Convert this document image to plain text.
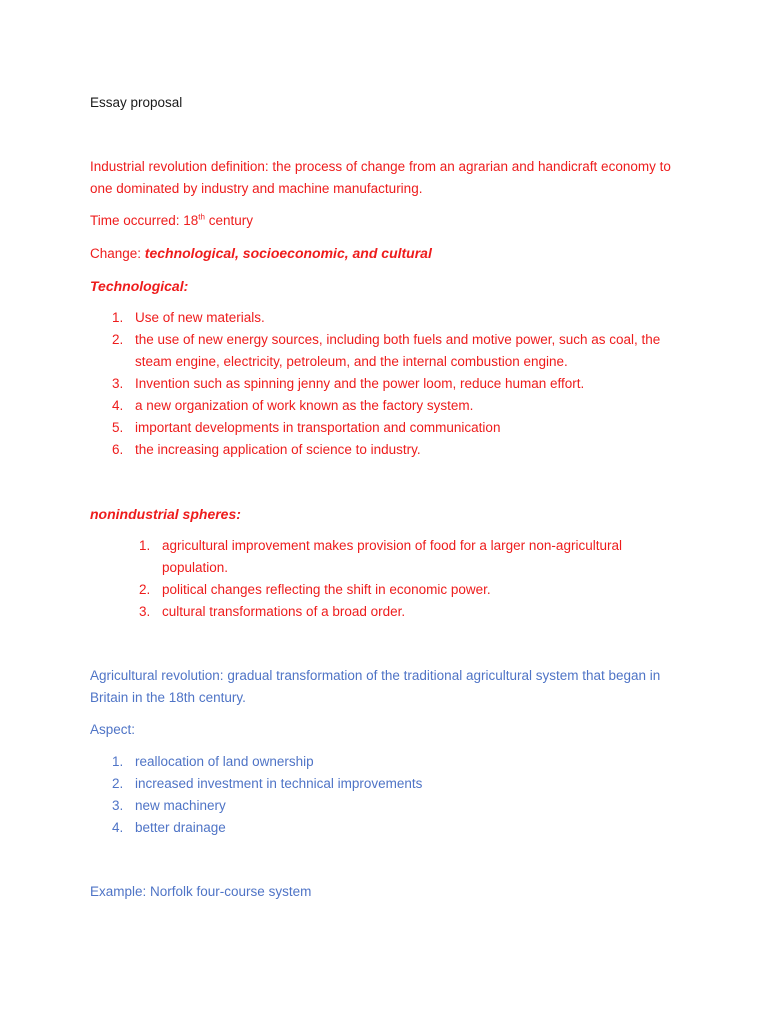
Essay proposal

Industrial revolution definition: the process of change from an agrarian and handicraft economy to one dominated by industry and machine manufacturing.

Time occurred: 18th century

Change: technological, socioeconomic, and cultural

Technological:

1. Use of new materials.
2. the use of new energy sources, including both fuels and motive power, such as coal, the steam engine, electricity, petroleum, and the internal combustion engine.
3. Invention such as spinning jenny and the power loom, reduce human effort.
4. a new organization of work known as the factory system.
5. important developments in transportation and communication
6. the increasing application of science to industry.

nonindustrial spheres:

1. agricultural improvement makes provision of food for a larger non-agricultural population.
2. political changes reflecting the shift in economic power.
3. cultural transformations of a broad order.

Agricultural revolution: gradual transformation of the traditional agricultural system that began in Britain in the 18th century.

Aspect:

1. reallocation of land ownership
2. increased investment in technical improvements
3. new machinery
4. better drainage

Example: Norfolk four-course system
